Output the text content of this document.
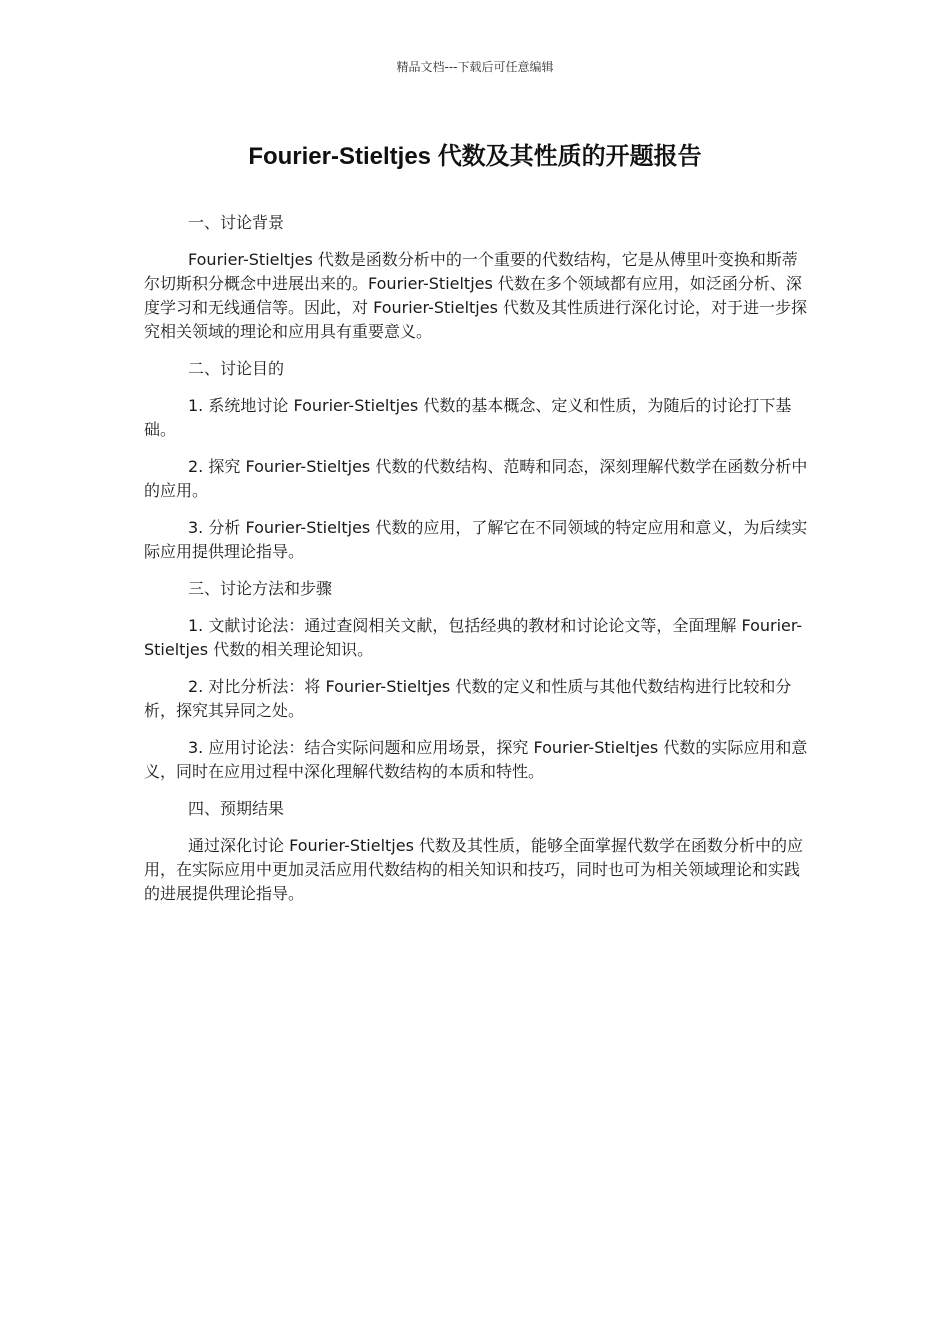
精品文档---下载后可任意编辑
Fourier-Stieltjes 代数及其性质的开题报告

一、讨论背景

Fourier-Stieltjes 代数是函数分析中的一个重要的代数结构，它是从傅里叶变换和斯蒂尔切斯积分概念中进展出来的。Fourier-Stieltjes 代数在多个领域都有应用，如泛函分析、深度学习和无线通信等。因此，对 Fourier-Stieltjes 代数及其性质进行深化讨论，对于进一步探究相关领域的理论和应用具有重要意义。

二、讨论目的

1. 系统地讨论 Fourier-Stieltjes 代数的基本概念、定义和性质，为随后的讨论打下基础。

2. 探究 Fourier-Stieltjes 代数的代数结构、范畴和同态，深刻理解代数学在函数分析中的应用。

3. 分析 Fourier-Stieltjes 代数的应用，了解它在不同领域的特定应用和意义，为后续实际应用提供理论指导。

三、讨论方法和步骤

1. 文献讨论法：通过查阅相关文献，包括经典的教材和讨论论文等，全面理解 Fourier-Stieltjes 代数的相关理论知识。

2. 对比分析法：将 Fourier-Stieltjes 代数的定义和性质与其他代数结构进行比较和分析，探究其异同之处。

3. 应用讨论法：结合实际问题和应用场景，探究 Fourier-Stieltjes 代数的实际应用和意义，同时在应用过程中深化理解代数结构的本质和特性。

四、预期结果

通过深化讨论 Fourier-Stieltjes 代数及其性质，能够全面掌握代数学在函数分析中的应用，在实际应用中更加灵活应用代数结构的相关知识和技巧，同时也可为相关领域理论和实践的进展提供理论指导。
